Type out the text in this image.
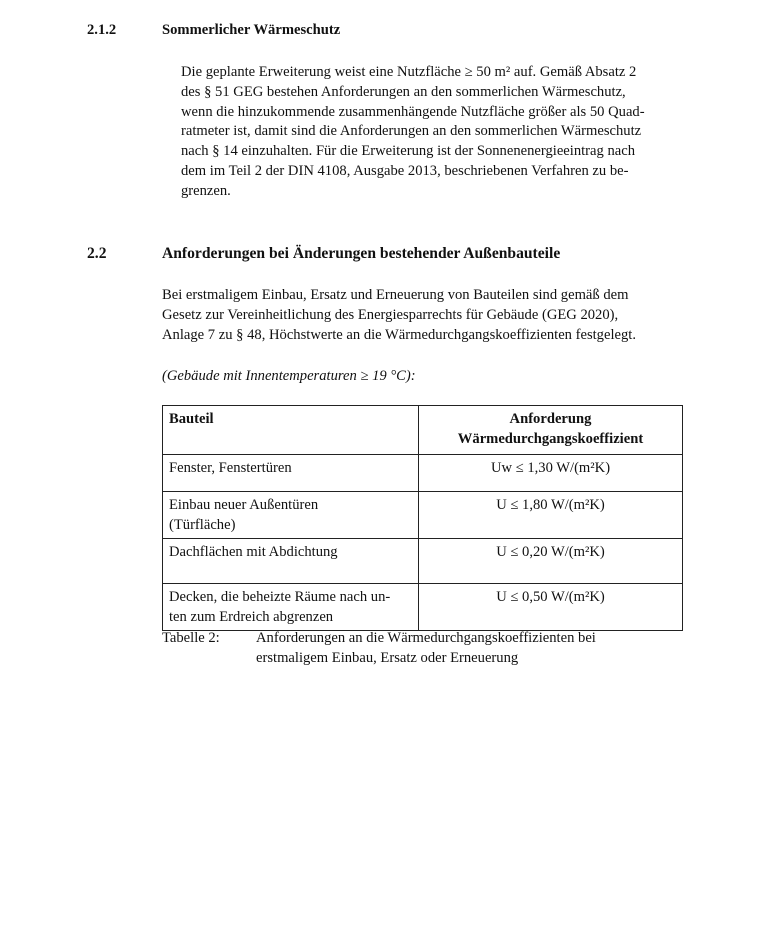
2.1.2	Sommerlicher Wärmeschutz
Die geplante Erweiterung weist eine Nutzfläche ≥ 50 m² auf. Gemäß Absatz 2
des § 51 GEG bestehen Anforderungen an den sommerlichen Wärmeschutz,
wenn die hinzukommende zusammenhängende Nutzfläche größer als 50 Quad-
ratmeter ist, damit sind die Anforderungen an den sommerlichen Wärmeschutz
nach § 14 einzuhalten. Für die Erweiterung ist der Sonnenenergieeintrag nach
dem im Teil 2 der DIN 4108, Ausgabe 2013, beschriebenen Verfahren zu be-
grenzen.
2.2	Anforderungen bei Änderungen bestehender Außenbauteile
Bei erstmaligem Einbau, Ersatz und Erneuerung von Bauteilen sind gemäß dem
Gesetz zur Vereinheitlichung des Energiesparrechts für Gebäude (GEG 2020),
Anlage 7 zu § 48, Höchstwerte an die Wärmedurchgangskoeffizienten festgelegt.
(Gebäude mit Innentemperaturen ≥ 19 °C):
Bauteil	Anforderung
Wärmedurchgangskoeffizient

Fenster, Fenstertüren	Uw ≤ 1,30 W/(m²K)

Einbau neuer Außentüren
(Türfläche)	U ≤ 1,80 W/(m²K)
Dachflächen mit Abdichtung	U ≤ 0,20 W/(m²K)

Decken, die beheizte Räume nach un-
ten zum Erdreich abgrenzen	U ≤ 0,50 W/(m²K)
Tabelle 2: Anforderungen an die Wärmedurchgangskoeffizienten bei
erstmaligem Einbau, Ersatz oder Erneuerung
